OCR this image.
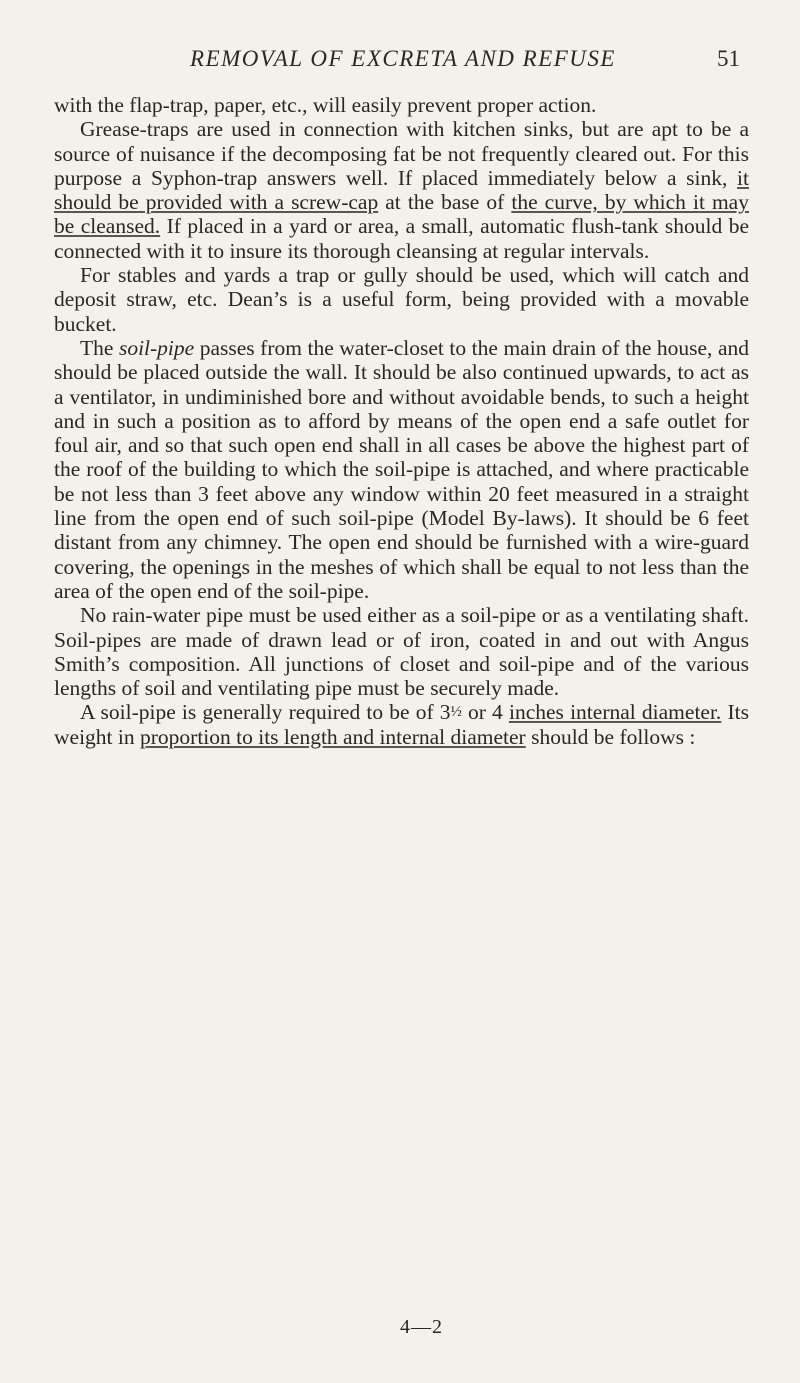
REMOVAL OF EXCRETA AND REFUSE	51

with the flap-trap, paper, etc., will easily prevent proper action.

Grease-traps are used in connection with kitchen sinks, but are apt to be a source of nuisance if the decomposing fat be not frequently cleared out. For this purpose a Syphon-trap answers well. If placed immediately below a sink, it should be provided with a screw-cap at the base of the curve, by which it may be cleansed. If placed in a yard or area, a small, automatic flush-tank should be connected with it to insure its thorough cleansing at regular intervals.

For stables and yards a trap or gully should be used, which will catch and deposit straw, etc. Dean’s is a useful form, being provided with a movable bucket.

The soil-pipe passes from the water-closet to the main drain of the house, and should be placed outside the wall. It should be also continued upwards, to act as a ventilator, in undiminished bore and without avoidable bends, to such a height and in such a position as to afford by means of the open end a safe outlet for foul air, and so that such open end shall in all cases be above the highest part of the roof of the building to which the soil-pipe is attached, and where practicable be not less than 3 feet above any window within 20 feet measured in a straight line from the open end of such soil-pipe (Model By-laws). It should be 6 feet distant from any chimney. The open end should be furnished with a wire-guard covering, the openings in the meshes of which shall be equal to not less than the area of the open end of the soil-pipe.

No rain-water pipe must be used either as a soil-pipe or as a ventilating shaft. Soil-pipes are made of drawn lead or of iron, coated in and out with Angus Smith’s composition. All junctions of closet and soil-pipe and of the various lengths of soil and ventilating pipe must be securely made.

A soil-pipe is generally required to be of 3½ or 4 inches internal diameter. Its weight in proportion to its length and internal diameter should be follows :

4—2
